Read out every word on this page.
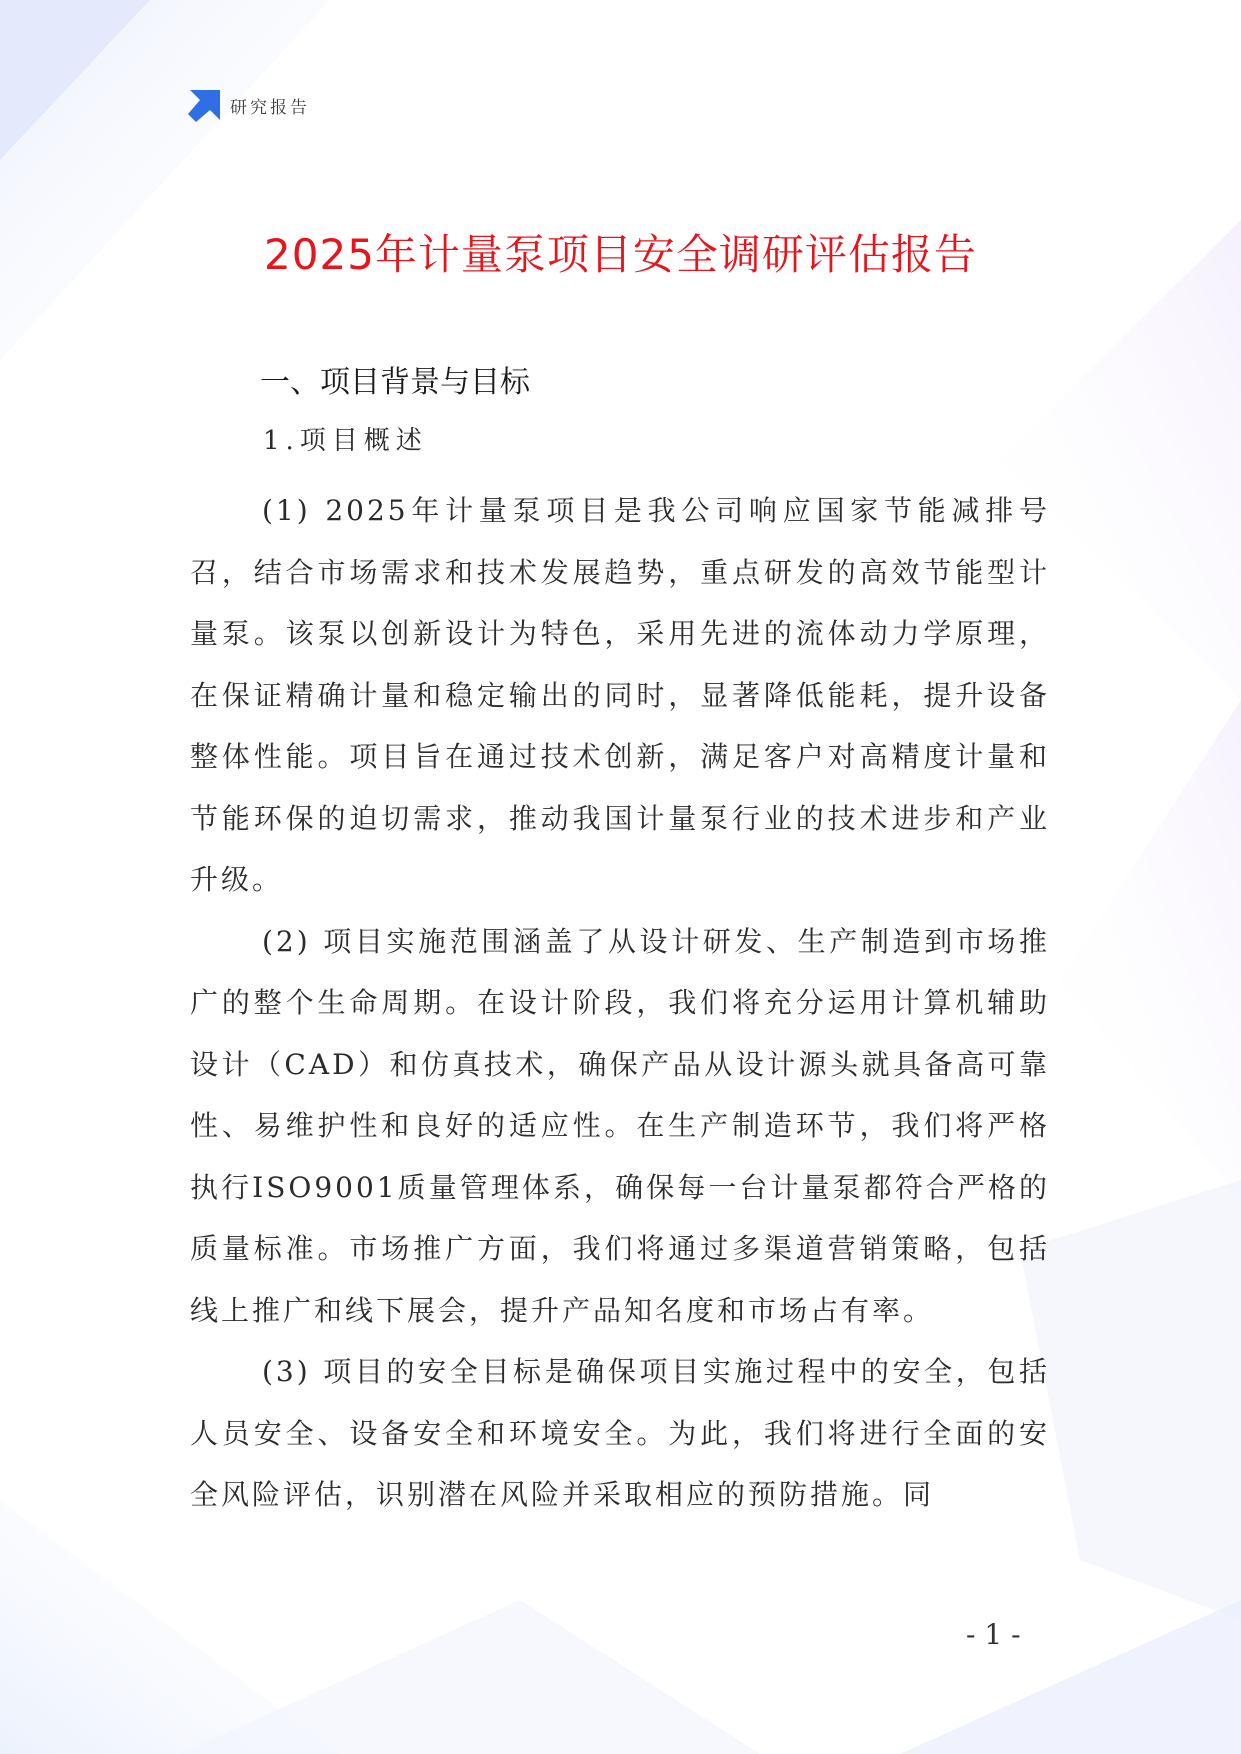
研究报告
2025年计量泵项目安全调研评估报告
一、项目背景与目标
1.项目概述

(1) 2025年计量泵项目是我公司响应国家节能减排号召，结合市场需求和技术发展趋势，重点研发的高效节能型计量泵。该泵以创新设计为特色，采用先进的流体动力学原理，在保证精确计量和稳定输出的同时，显著降低能耗，提升设备整体性能。项目旨在通过技术创新，满足客户对高精度计量和节能环保的迫切需求，推动我国计量泵行业的技术进步和产业升级。

(2) 项目实施范围涵盖了从设计研发、生产制造到市场推广的整个生命周期。在设计阶段，我们将充分运用计算机辅助设计（CAD）和仿真技术，确保产品从设计源头就具备高可靠性、易维护性和良好的适应性。在生产制造环节，我们将严格执行ISO9001质量管理体系，确保每一台计量泵都符合严格的质量标准。市场推广方面，我们将通过多渠道营销策略，包括线上推广和线下展会，提升产品知名度和市场占有率。

(3) 项目的安全目标是确保项目实施过程中的安全，包括人员安全、设备安全和环境安全。为此，我们将进行全面的安全风险评估，识别潜在风险并采取相应的预防措施。同

- 1 -
